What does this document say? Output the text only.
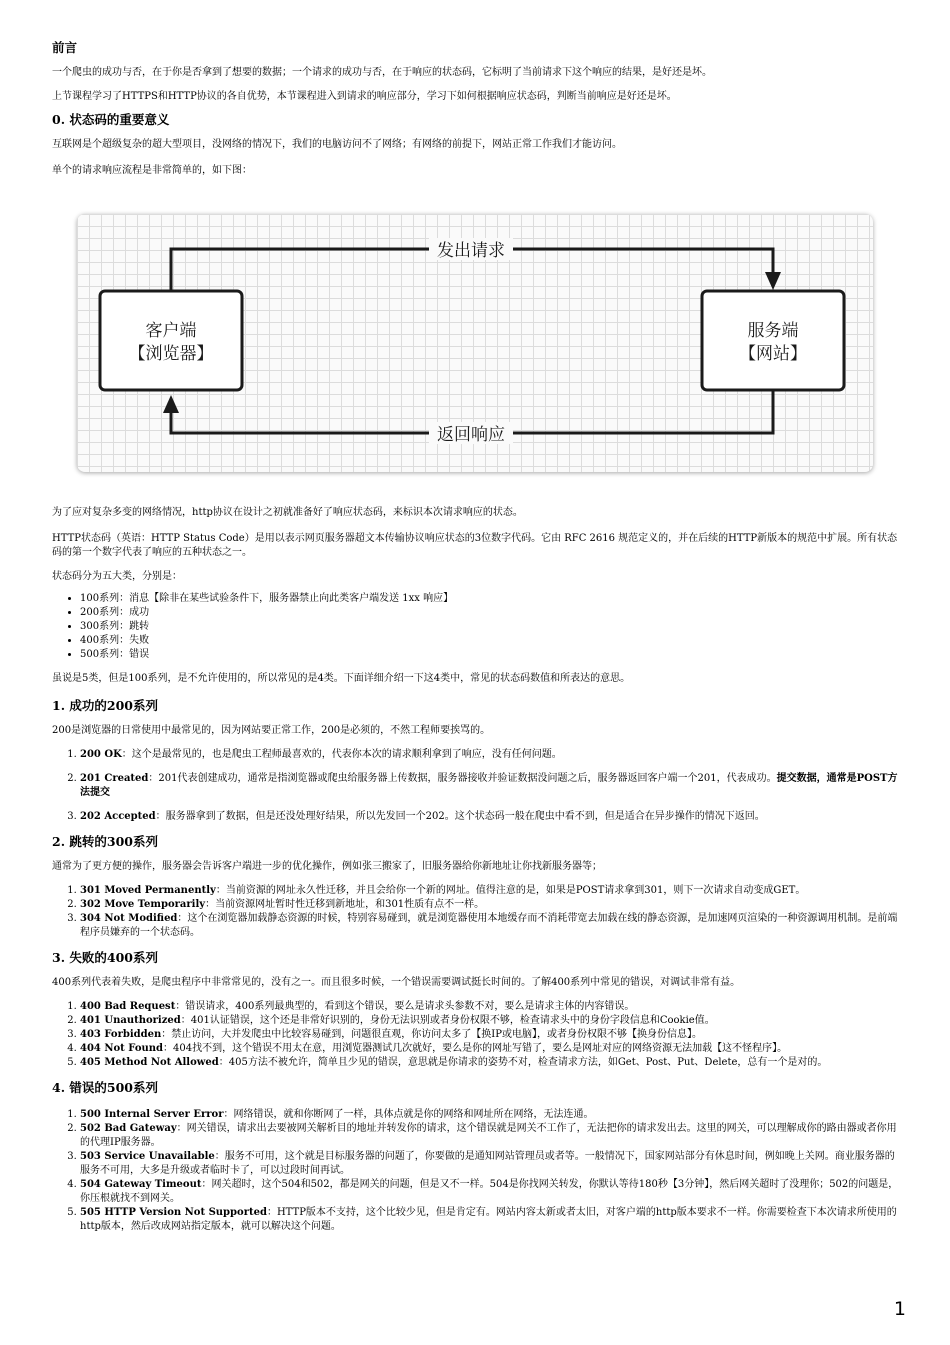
前言

一个爬虫的成功与否，在于你是否拿到了想要的数据；一个请求的成功与否，在于响应的状态码，它标明了当前请求下这个响应的结果，是好还是坏。

上节课程学习了HTTPS和HTTP协议的各自优势，本节课程进入到请求的响应部分，学习下如何根据响应状态码，判断当前响应是好还是坏。

0. 状态码的重要意义

互联网是个超级复杂的超大型项目，没网络的情况下，我们的电脑访问不了网络；有网络的前提下，网站正常工作我们才能访问。

单个的请求响应流程是非常简单的，如下图：

发出请求
返回响应
客户端
【浏览器】
服务端
【网站】

为了应对复杂多变的网络情况，http协议在设计之初就准备好了响应状态码，来标识本次请求响应的状态。

HTTP状态码（英语：HTTP Status Code）是用以表示网页服务器超文本传输协议响应状态的3位数字代码。它由 RFC 2616 规范定义的，并在后续的HTTP新版本的规范中扩展。所有状态码的第一个数字代表了响应的五种状态之一。

状态码分为五大类，分别是：

• 100系列：消息【除非在某些试验条件下，服务器禁止向此类客户端发送 1xx 响应】
• 200系列：成功
• 300系列：跳转
• 400系列：失败
• 500系列：错误

虽说是5类，但是100系列，是不允许使用的，所以常见的是4类。下面详细介绍一下这4类中，常见的状态码数值和所表达的意思。

1. 成功的200系列

200是浏览器的日常使用中最常见的，因为网站要正常工作，200是必须的，不然工程师要挨骂的。

1. 200 OK：这个是最常见的，也是爬虫工程师最喜欢的，代表你本次的请求顺利拿到了响应，没有任何问题。
2. 201 Created：201代表创建成功，通常是指浏览器或爬虫给服务器上传数据，服务器接收并验证数据没问题之后，服务器返回客户端一个201，代表成功。提交数据，通常是POST方法提交
3. 202 Accepted：服务器拿到了数据，但是还没处理好结果，所以先发回一个202。这个状态码一般在爬虫中看不到，但是适合在异步操作的情况下返回。
2. 跳转的300系列

通常为了更方便的操作，服务器会告诉客户端进一步的优化操作，例如张三搬家了，旧服务器给你新地址让你找新服务器等；

1. 301 Moved Permanently：当前资源的网址永久性迁移，并且会给你一个新的网址。值得注意的是，如果是POST请求拿到301，则下一次请求自动变成GET。
2. 302 Move Temporarily：当前资源网址暂时性迁移到新地址，和301性质有点不一样。
3. 304 Not Modified：这个在浏览器加载静态资源的时候，特别容易碰到，就是浏览器使用本地缓存而不消耗带宽去加载在线的静态资源，是加速网页渲染的一种资源调用机制。是前端程序员嫌弃的一个状态码。
3. 失败的400系列

400系列代表着失败，是爬虫程序中非常常见的，没有之一。而且很多时候，一个错误需要调试挺长时间的。了解400系列中常见的错误，对调试非常有益。

1. 400 Bad Request：错误请求，400系列最典型的，看到这个错误，要么是请求头参数不对，要么是请求主体的内容错误。
2. 401 Unauthorized：401认证错误，这个还是非常好识别的，身份无法识别或者身份权限不够，检查请求头中的身份字段信息和Cookie值。
3. 403 Forbidden：禁止访问，大并发爬虫中比较容易碰到，问题很直观，你访问太多了【换IP或电脑】，或者身份权限不够【换身份信息】。
4. 404 Not Found：404找不到，这个错误不用太在意，用浏览器测试几次就好，要么是你的网址写错了，要么是网址对应的网络资源无法加载【这不怪程序】。
5. 405 Method Not Allowed：405方法不被允许，简单且少见的错误，意思就是你请求的姿势不对，检查请求方法，如Get、Post、Put、Delete，总有一个是对的。
4. 错误的500系列
1. 500 Internal Server Error：网络错误，就和你断网了一样，具体点就是你的网络和网址所在网络，无法连通。
2. 502 Bad Gateway：网关错误，请求出去要被网关解析目的地址并转发你的请求，这个错误就是网关不工作了，无法把你的请求发出去。这里的网关，可以理解成你的路由器或者你用的代理IP服务器。
3. 503 Service Unavailable：服务不可用，这个就是目标服务器的问题了，你要做的是通知网站管理员或者等。一般情况下，国家网站部分有休息时间，例如晚上关网。商业服务器的服务不可用，大多是升级或者临时卡了，可以过段时间再试。
4. 504 Gateway Timeout：网关超时，这个504和502，都是网关的问题，但是又不一样。504是你找网关转发，你默认等待180秒【3分钟】，然后网关超时了没理你；502的问题是，你压根就找不到网关。
5. 505 HTTP Version Not Supported：HTTP版本不支持，这个比较少见，但是肯定有。网站内容太新或者太旧，对客户端的http版本要求不一样。你需要检查下本次请求所使用的http版本，然后改成网站指定版本，就可以解决这个问题。
1
